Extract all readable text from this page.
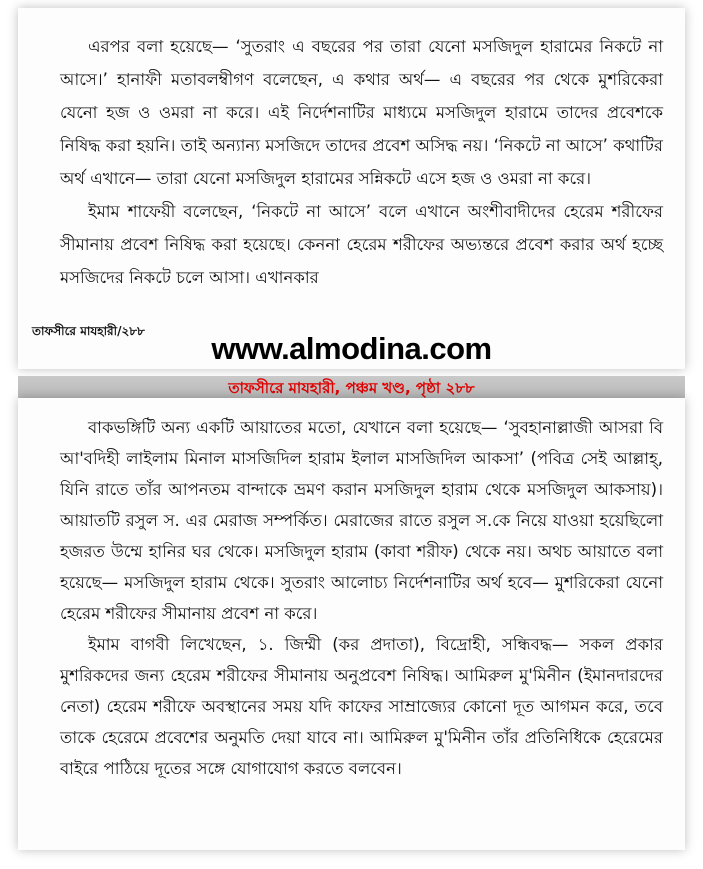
এরপর বলা হয়েছে— ‘সুতরাং এ বছরের পর তারা যেনো মসজিদুল হারামের নিকটে না আসে।’ হানাফী মতাবলম্বীগণ বলেছেন, এ কথার অর্থ— এ বছরের পর থেকে মুশরিকেরা যেনো হজ ও ওমরা না করে। এই নির্দেশনাটির মাধ্যমে মসজিদুল হারামে তাদের প্রবেশকে নিষিদ্ধ করা হয়নি। তাই অন্যান্য মসজিদে তাদের প্রবেশ অসিদ্ধ নয়। ‘নিকটে না আসে’ কথাটির অর্থ এখানে— তারা যেনো মসজিদুল হারামের সন্নিকটে এসে হজ ও ওমরা না করে।

ইমাম শাফেয়ী বলেছেন, ‘নিকটে না আসে’ বলে এখানে অংশীবাদীদের হেরেম শরীফের সীমানায় প্রবেশ নিষিদ্ধ করা হয়েছে। কেননা হেরেম শরীফের অভ্যন্তরে প্রবেশ করার অর্থ হচ্ছে মসজিদের নিকটে চলে আসা। এখানকার

তাফসীরে মাযহারী/২৮৮	www.almodina.com
তাফসীরে মাযহারী, পঞ্চম খণ্ড, পৃষ্ঠা ২৮৮

বাকভঙ্গিটি অন্য একটি আয়াতের মতো, যেখানে বলা হয়েছে— ‘সুবহানাল্লাজী আসরা বি আ'বদিহী লাইলাম মিনাল মাসজিদিল হারাম ইলাল মাসজিদিল আকসা’ (পবিত্র সেই আল্লাহ্, যিনি রাতে তাঁর আপনতম বান্দাকে ভ্রমণ করান মসজিদুল হারাম থেকে মসজিদুল আকসায়)। আয়াতটি রসুল স. এর মেরাজ সম্পর্কিত। মেরাজের রাতে রসুল স.কে নিয়ে যাওয়া হয়েছিলো হজরত উম্মে হানির ঘর থেকে। মসজিদুল হারাম (কাবা শরীফ) থেকে নয়। অথচ আয়াতে বলা হয়েছে— মসজিদুল হারাম থেকে। সুতরাং আলোচ্য নির্দেশনাটির অর্থ হবে— মুশরিকেরা যেনো হেরেম শরীফের সীমানায় প্রবেশ না করে।

ইমাম বাগবী লিখেছেন, ১. জিম্মী (কর প্রদাতা), বিদ্রোহী, সন্ধিবদ্ধ— সকল প্রকার মুশরিকদের জন্য হেরেম শরীফের সীমানায় অনুপ্রবেশ নিষিদ্ধ। আমিরুল মু'মিনীন (ইমানদারদের নেতা) হেরেম শরীফে অবস্থানের সময় যদি কাফের সাম্রাজ্যের কোনো দূত আগমন করে, তবে তাকে হেরেমে প্রবেশের অনুমতি দেয়া যাবে না। আমিরুল মু'মিনীন তাঁর প্রতিনিধিকে হেরেমের বাইরে পাঠিয়ে দূতের সঙ্গে যোগাযোগ করতে বলবেন।
